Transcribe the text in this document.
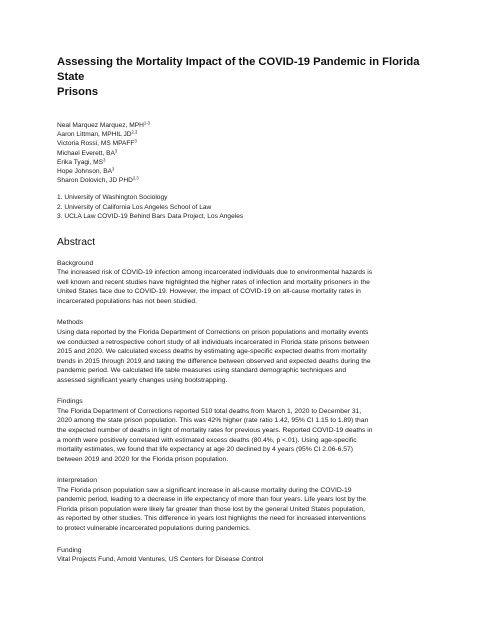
Assessing the Mortality Impact of the COVID-19 Pandemic in Florida State
Prisons
Neal Marquez Marquez, MPH$^{1-3}$
Aaron Littman, MPHIL JD$^{2,3}$
Victoria Rossi, MS MPAFF$^3$
Michael Everett, $BA^3$
Erika Tyagi, $MS^3$
Hope Johnson, $BA^3$
Sharon Dolovich, JD PHD$^{2,3}$
1. University of Washington Sociology
2. University of California Los Angeles School of Law
3. UCLA Law COVID-19 Behind Bars Data Project, Los Angeles
Abstract
Background
The increased risk of COVID-19 infection among incarcerated individuals due to environmental hazards is
well known and recent studies have highlighted the higher rates of infection and mortality prisoners in the
United States face due to COVID-19. However, the impact of COVID-19 on all-cause mortality rates in
incarcerated populations has not been studied.
Methods
Using data reported by the Florida Department of Corrections on prison populations and mortality events
we conducted a retrospective cohort study of all individuals incarcerated in Florida state prisons between
2015 and 2020. We calculated excess deaths by estimating age-specific expected deaths from mortality
trends in 2015 through 2019 and taking the difference between observed and expected deaths during the
pandemic period. We calculated life table measures using standard demographic techniques and
assessed significant yearly changes using bootstrapping.
Findings
The Florida Department of Corrections reported 510 total deaths from March 1, 2020 to December 31,
2020 among the state prison population. This was 42% higher (rate ratio 1.42, 95% CI 1.15 to 1.89) than
the expected number of deaths in light of mortality rates for previous years. Reported COVID-19 deaths in
a month were positively correlated with estimated excess deaths (80.4%, p <.01). Using age-specific
mortality estimates, we found that life expectancy at age 20 declined by 4 years (95% CI 2.06-6.57)
between 2019 and 2020 for the Florida prison population.
Interpretation
The Florida prison population saw a significant increase in all-cause mortality during the COVID-19
pandemic period, leading to a decrease in life expectancy of more than four years. Life years lost by the
Florida prison population were likely far greater than those lost by the general United States population,
as reported by other studies. This difference in years lost highlights the need for increased interventions
to protect vulnerable incarcerated populations during pandemics.
Funding
Vital Projects Fund, Arnold Ventures, US Centers for Disease Control
